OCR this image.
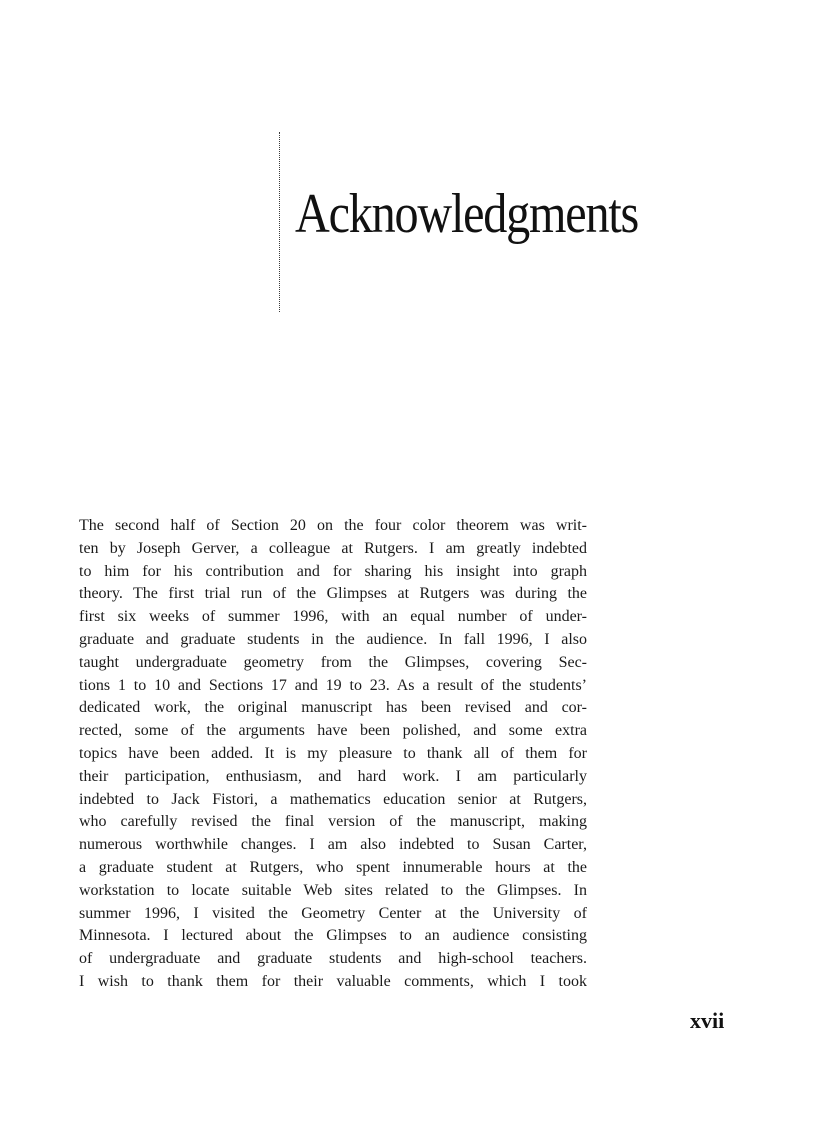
Acknowledgments
The second half of Section 20 on the four color theorem was writ-
ten by Joseph Gerver, a colleague at Rutgers. I am greatly indebted
to him for his contribution and for sharing his insight into graph
theory. The first trial run of the Glimpses at Rutgers was during the
first six weeks of summer 1996, with an equal number of under-
graduate and graduate students in the audience. In fall 1996, I also
taught undergraduate geometry from the Glimpses, covering Sec-
tions 1 to 10 and Sections 17 and 19 to 23. As a result of the students’
dedicated work, the original manuscript has been revised and cor-
rected, some of the arguments have been polished, and some extra
topics have been added. It is my pleasure to thank all of them for
their participation, enthusiasm, and hard work. I am particularly
indebted to Jack Fistori, a mathematics education senior at Rutgers,
who carefully revised the final version of the manuscript, making
numerous worthwhile changes. I am also indebted to Susan Carter,
a graduate student at Rutgers, who spent innumerable hours at the
workstation to locate suitable Web sites related to the Glimpses. In
summer 1996, I visited the Geometry Center at the University of
Minnesota. I lectured about the Glimpses to an audience consisting
of undergraduate and graduate students and high-school teachers.
I wish to thank them for their valuable comments, which I took
xvii
